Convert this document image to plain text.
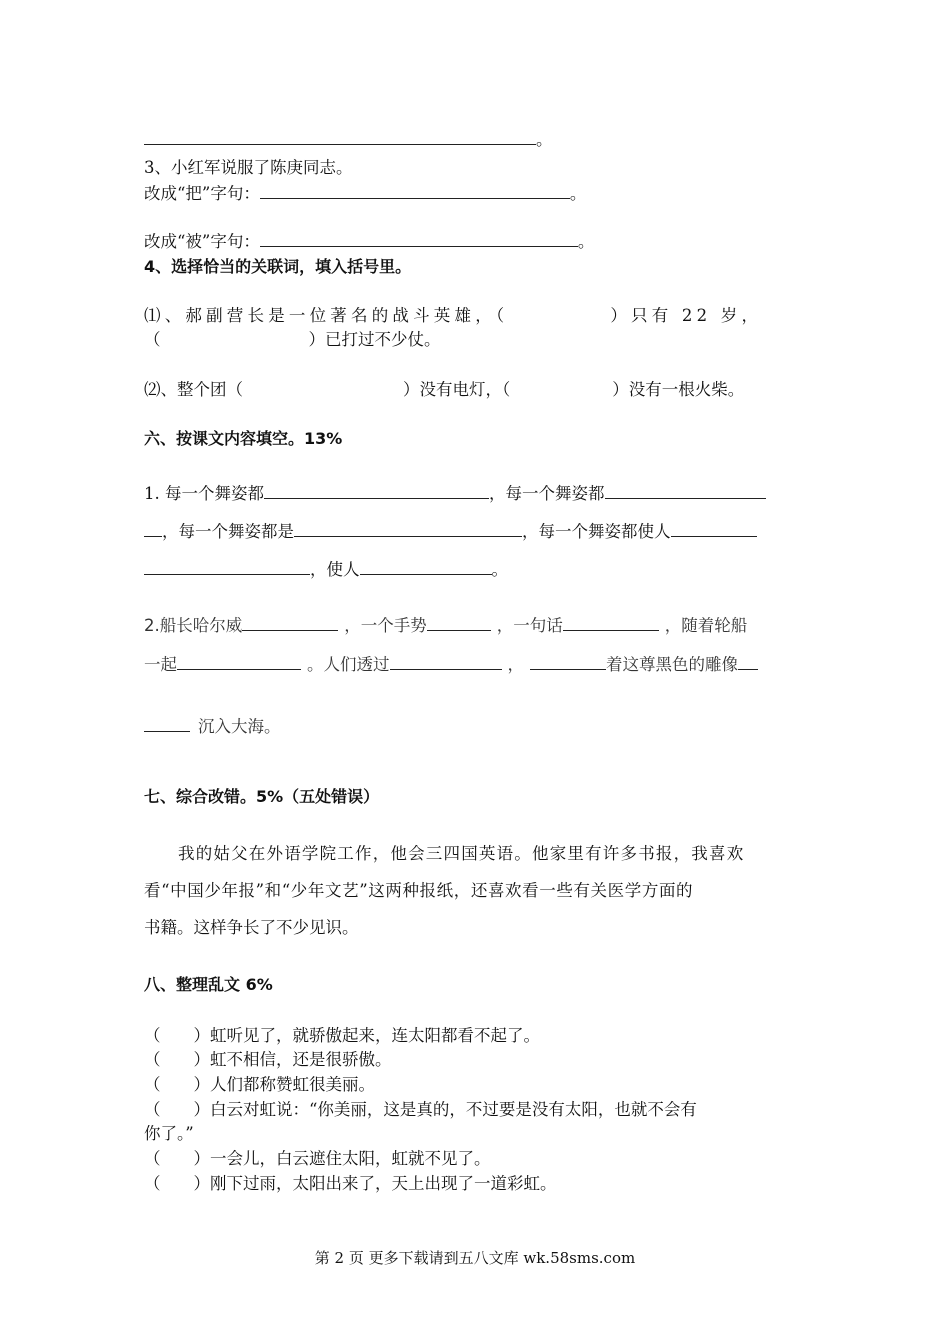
。
3、小红军说服了陈庚同志。
改成“把”字句：	。
改成“被”字句：	。
4、选择恰当的关联词，填入括号里。
⑴、郝副营长是一位著名的战斗英雄，（	）只有 22 岁，
（	）已打过不少仗。
⑵、整个团（	）没有电灯，（	）没有一根火柴。
六、按课文内容填空。13%
1. 每一个舞姿都	，每一个舞姿都
，每一个舞姿都是	，每一个舞姿都使人
，使人	。
2.船长哈尔威	，一个手势	，一句话	，随着轮船
一起	。人们透过	，	着这尊黑色的雕像
沉入大海。
七、综合改错。5%（五处错误）
我的姑父在外语学院工作，他会三四国英语。他家里有许多书报，我喜欢
看“中国少年报”和“少年文艺”这两种报纸，还喜欢看一些有关医学方面的
书籍。这样争长了不少见识。
八、整理乱文 6%
（　　）虹听见了，就骄傲起来，连太阳都看不起了。
（　　）虹不相信，还是很骄傲。
（　　）人们都称赞虹很美丽。
（　　）白云对虹说：“你美丽，这是真的，不过要是没有太阳，也就不会有
你了。”
（　　）一会儿，白云遮住太阳，虹就不见了。
（　　）刚下过雨，太阳出来了，天上出现了一道彩虹。
第 2 页 更多下载请到五八文库 wk.58sms.com
